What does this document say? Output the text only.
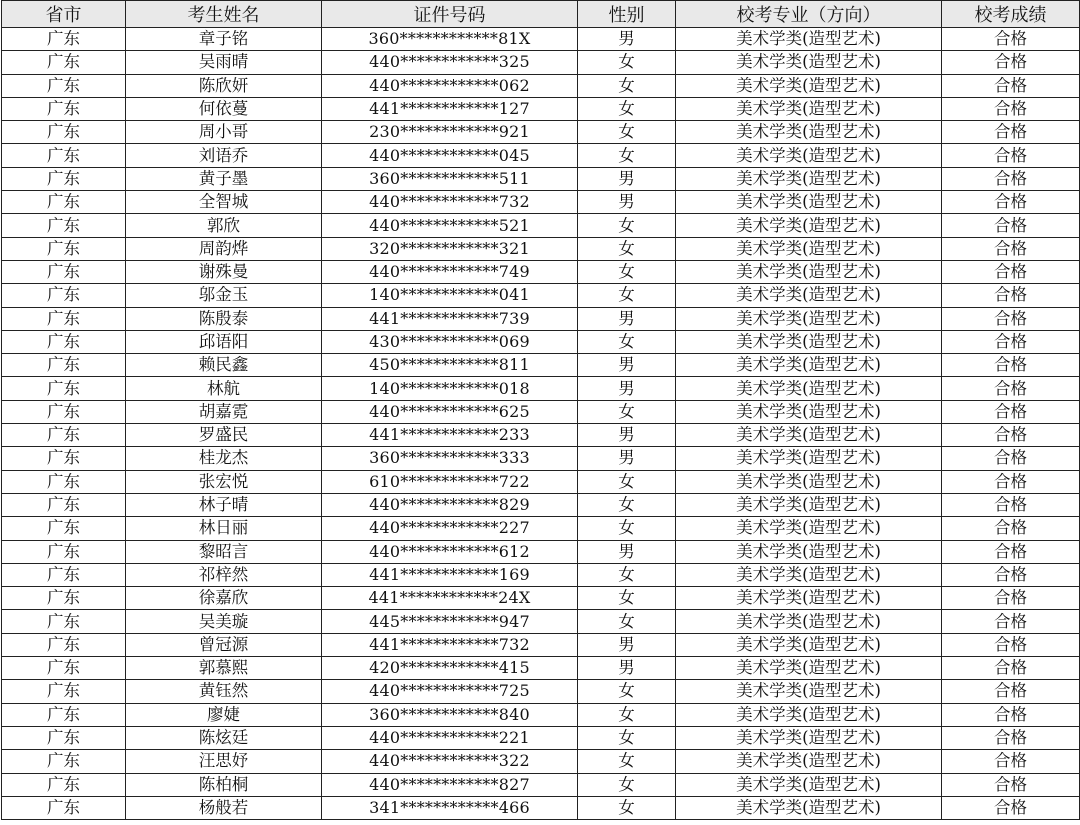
省市	考生姓名	证件号码	性别	校考专业（方向）	校考成绩
广东	章子铭	360************81X	男	美术学类(造型艺术)	合格
广东	吴雨晴	440************325	女	美术学类(造型艺术)	合格
广东	陈欣妍	440************062	女	美术学类(造型艺术)	合格
广东	何依蔓	441************127	女	美术学类(造型艺术)	合格
广东	周小哥	230************921	女	美术学类(造型艺术)	合格
广东	刘语乔	440************045	女	美术学类(造型艺术)	合格
广东	黄子墨	360************511	男	美术学类(造型艺术)	合格
广东	全智城	440************732	男	美术学类(造型艺术)	合格
广东	郭欣	440************521	女	美术学类(造型艺术)	合格
广东	周韵烨	320************321	女	美术学类(造型艺术)	合格
广东	谢殊曼	440************749	女	美术学类(造型艺术)	合格
广东	邬金玉	140************041	女	美术学类(造型艺术)	合格
广东	陈殷泰	441************739	男	美术学类(造型艺术)	合格
广东	邱语阳	430************069	女	美术学类(造型艺术)	合格
广东	赖民鑫	450************811	男	美术学类(造型艺术)	合格
广东	林航	140************018	男	美术学类(造型艺术)	合格
广东	胡嘉霓	440************625	女	美术学类(造型艺术)	合格
广东	罗盛民	441************233	男	美术学类(造型艺术)	合格
广东	桂龙杰	360************333	男	美术学类(造型艺术)	合格
广东	张宏悦	610************722	女	美术学类(造型艺术)	合格
广东	林子晴	440************829	女	美术学类(造型艺术)	合格
广东	林日丽	440************227	女	美术学类(造型艺术)	合格
广东	黎昭言	440************612	男	美术学类(造型艺术)	合格
广东	祁梓然	441************169	女	美术学类(造型艺术)	合格
广东	徐嘉欣	441************24X	女	美术学类(造型艺术)	合格
广东	吴美璇	445************947	女	美术学类(造型艺术)	合格
广东	曾冠源	441************732	男	美术学类(造型艺术)	合格
广东	郭慕熙	420************415	男	美术学类(造型艺术)	合格
广东	黄钰然	440************725	女	美术学类(造型艺术)	合格
广东	廖婕	360************840	女	美术学类(造型艺术)	合格
广东	陈炫廷	440************221	女	美术学类(造型艺术)	合格
广东	汪思妤	440************322	女	美术学类(造型艺术)	合格
广东	陈柏桐	440************827	女	美术学类(造型艺术)	合格
广东	杨般若	341************466	女	美术学类(造型艺术)	合格
